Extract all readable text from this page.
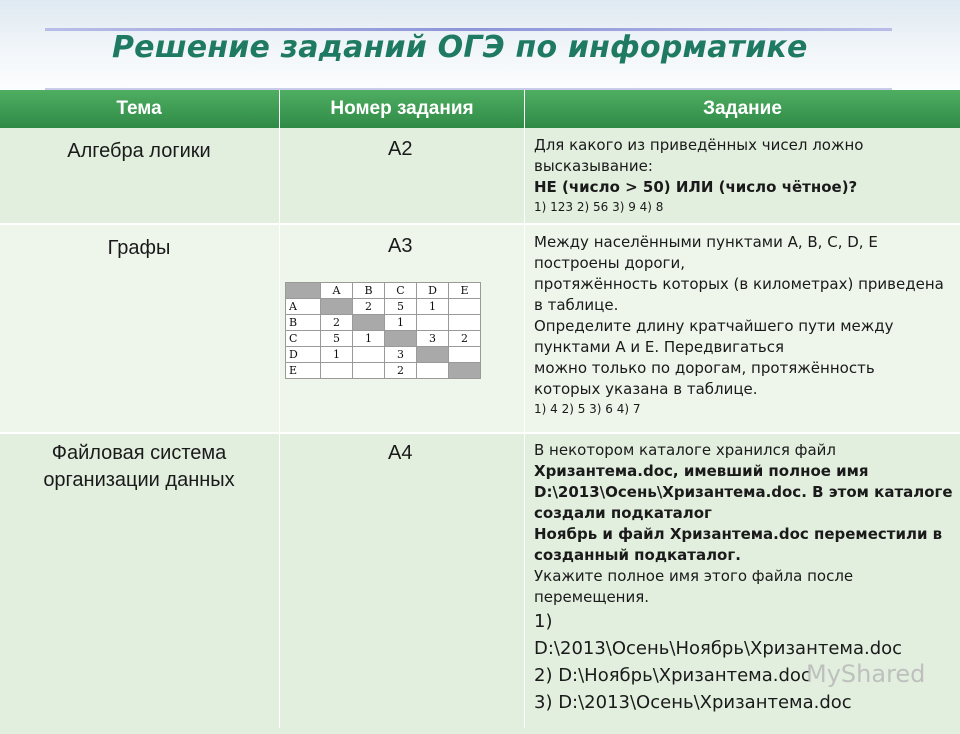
Решение заданий ОГЭ по информатике
Тема	Номер задания	Задание
Алгебра логики	А2	Для какого из приведённых чисел ложно
высказывание:
НЕ (число > 50) ИЛИ (число чётное)?
1) 123 2) 56 3) 9 4) 8
Графы	А3	Между населёнными пунктами A, B, C, D, E
построены дороги,
протяжённость которых (в километрах) приведена
в таблице.
Определите длину кратчайшего пути между
пунктами A и E. Передвигаться
можно только по дорогам, протяжённость
которых указана в таблице.
1) 4 2) 5 3) 6 4) 7
Файловая система
организации данных
А4	В некотором каталоге хранился файл
Хризантема.doc, имевший полное имя
D:\2013\Осень\Хризантема.doc. В этом каталоге
создали подкаталог
Ноябрь и файл Хризантема.doc переместили в
созданный подкаталог.
Укажите полное имя этого файла после
перемещения.
1)
D:\2013\Осень\Ноябрь\Хризантема.doc
2) D:\Ноябрь\Хризантема.doc
3) D:\2013\Осень\Хризантема.doc
	A	B	C	D	E
A		2	5	1	
B	2		1		
C	5	1		3	2
D	1		3		
E			2		
MyShared
